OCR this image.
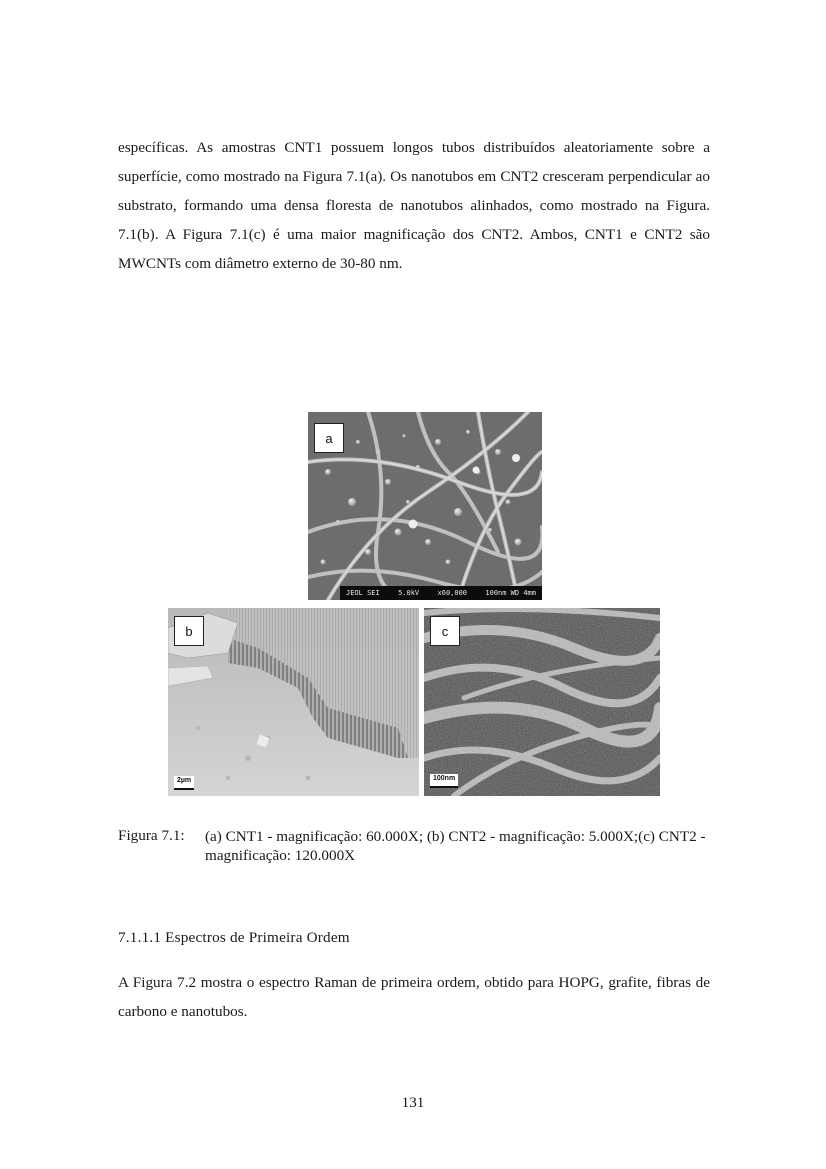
específicas. As amostras CNT1 possuem longos tubos distribuídos aleatoriamente sobre a superfície, como mostrado na Figura 7.1(a). Os nanotubos em CNT2 cresceram perpendicular ao substrato, formando uma densa floresta de nanotubos alinhados, como mostrado na Figura. 7.1(b). A Figura 7.1(c) é uma maior magnificação dos CNT2. Ambos, CNT1 e CNT2 são MWCNTs com diâmetro externo de 30-80 nm.

a
JEOL SEI	5.0kV	x60,000	100nm WD 4mm
b
2µm
c
100nm
Figura 7.1: (a) CNT1 - magnificação: 60.000X; (b) CNT2 - magnificação: 5.000X;(c) CNT2 - magnificação: 120.000X

7.1.1.1 Espectros de Primeira Ordem

A Figura 7.2 mostra o espectro Raman de primeira ordem, obtido para HOPG, grafite, fibras de carbono e nanotubos.

131
